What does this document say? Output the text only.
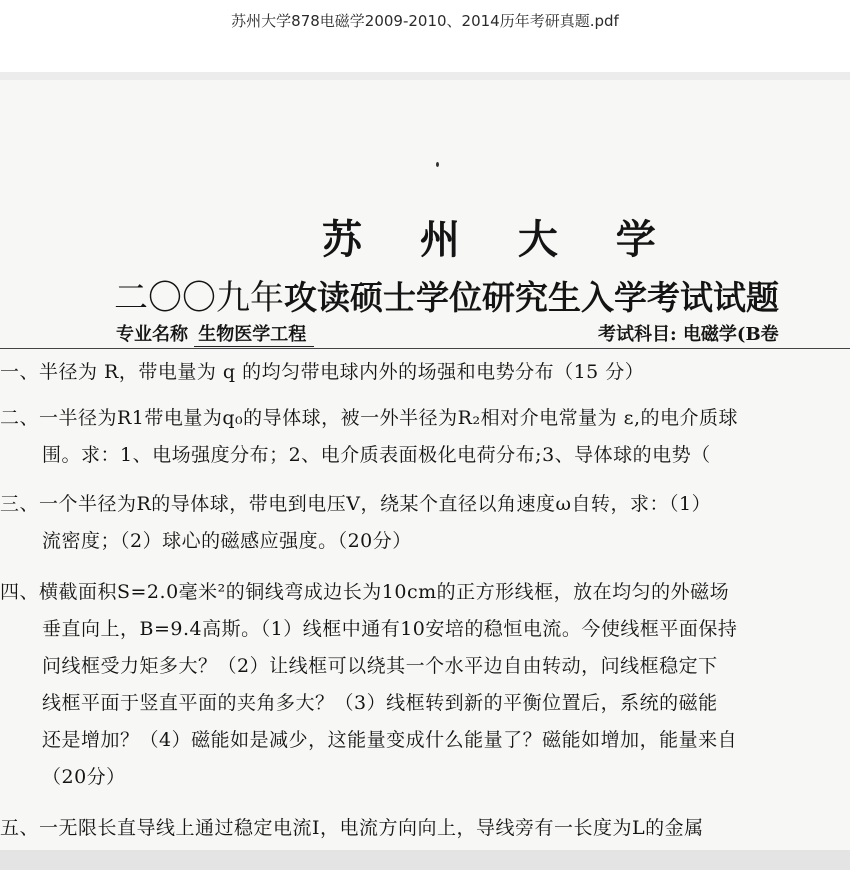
苏州大学878电磁学2009-2010、2014历年考研真题.pdf
苏 州 大 学
二〇〇九年攻读硕士学位研究生入学考试试题
专业名称 生物医学工程	考试科目: 电磁学(B卷
一、半径为 R，带电量为 q 的均匀带电球内外的场强和电势分布（15 分）
二、一半径为R1带电量为q₀的导体球，被一外半径为R₂相对介电常量为 ε,的电介质球
围。求：1、电场强度分布；2、电介质表面极化电荷分布;3、导体球的电势（
三、一个半径为R的导体球，带电到电压V，绕某个直径以角速度ω自转，求：（1）
流密度；（2）球心的磁感应强度。（20分）
四、横截面积S=2.0毫米²的铜线弯成边长为10cm的正方形线框，放在均匀的外磁场
垂直向上，B=9.4高斯。（1）线框中通有10安培的稳恒电流。今使线框平面保持
问线框受力矩多大？（2）让线框可以绕其一个水平边自由转动，问线框稳定下
线框平面于竖直平面的夹角多大？（3）线框转到新的平衡位置后，系统的磁能
还是增加？（4）磁能如是减少，这能量变成什么能量了？磁能如增加，能量来自
（20分）
五、一无限长直导线上通过稳定电流I，电流方向向上，导线旁有一长度为L的金属
